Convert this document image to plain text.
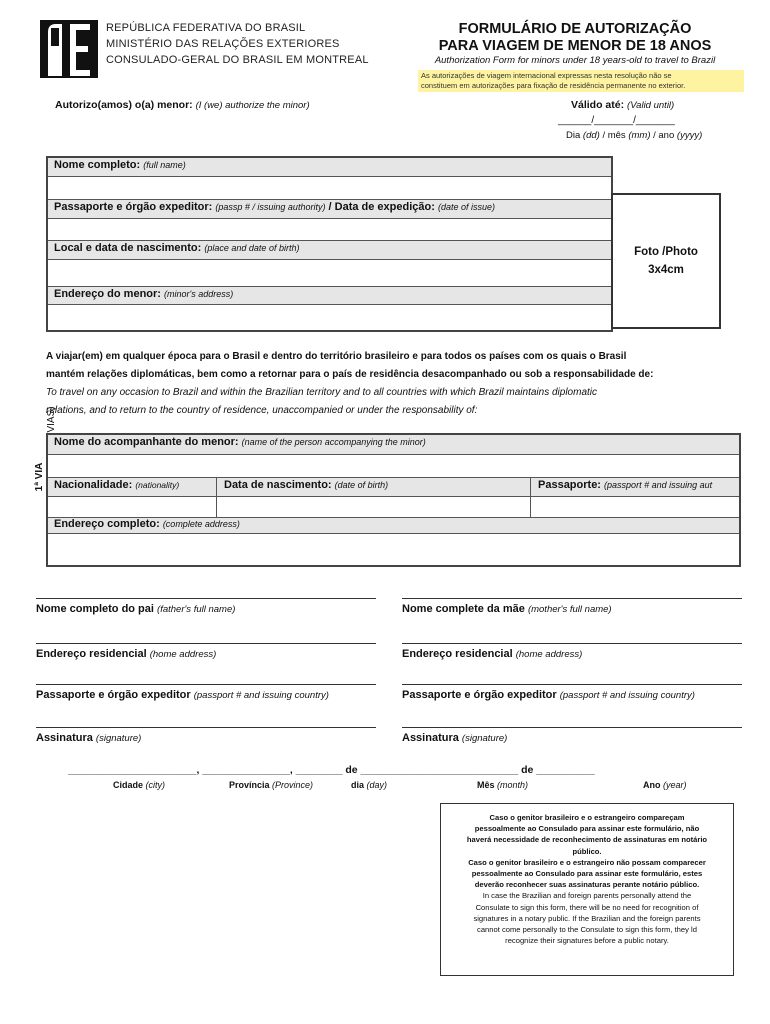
REPÚBLICA FEDERATIVA DO BRASIL
MINISTÉRIO DAS RELAÇÕES EXTERIORES
CONSULADO-GERAL DO BRASIL EM MONTREAL
FORMULÁRIO DE AUTORIZAÇÃO
PARA VIAGEM DE MENOR DE 18 ANOS
Authorization Form for minors under 18 years-old to travel to Brazil
As autorizações de viagem internacional expressas nesta resolução não se
constituem em autorizações para fixação de residência permanente no exterior.
Autorizo(amos) o(a) menor: (I (we) authorize the minor)	Válido até: (Valid until)
______/_______/_______
Dia (dd) / mês (mm) / ano (yyyy)
Nome completo: (full name)
Passaporte e órgão expeditor: (passp # / issuing authority) / Data de expedição: (date of issue)
Local e data de nascimento: (place and date of birth)
Endereço do menor: (minor's address)
Foto /Photo
3x4cm
A viajar(em) em qualquer época para o Brasil e dentro do território brasileiro e para todos os países com os quais o Brasil
mantém relações diplomáticas, bem como a retornar para o país de residência desacompanhado ou sob a responsabilidade de:
To travel on any occasion to Brazil and within the Brazilian territory and to all countries with which Brazil maintains diplomatic
relations, and to return to the country of residence, unaccompanied or under the responsability of:
1ª VIA
VIAS)
Nome do acompanhante do menor: (name of the person accompanying the minor)
Nacionalidade: (nationality)	Data de nascimento: (date of birth)	Passaporte: (passport # and issuing aut
Endereço completo: (complete address)
Nome completo do pai (father's full name)
Endereço residencial (home address)
Passaporte e órgão expeditor (passport # and issuing country)
Assinatura (signature)
Nome complete da mãe (mother's full name)
Endereço residencial (home address)
Passaporte e órgão expeditor (passport # and issuing country)
Assinatura (signature)
______________________, _______________, ________ de ___________________________ de __________
Cidade (city)	Província (Province)	dia (day)	Mês (month)	Ano (year)
Caso o genitor brasileiro e o estrangeiro compareçam
pessoalmente ao Consulado para assinar este formulário, não
haverá necessidade de reconhecimento de assinaturas em notário
público.
Caso o genitor brasileiro e o estrangeiro não possam comparecer
pessoalmente ao Consulado para assinar este formulário, estes
deverão reconhecer suas assinaturas perante notário público.
In case the Brazilian and foreign parents personally attend the
Consulate to sign this form, there will be no need for recognition of
signatures in a notary public. If the Brazilian and the foreign parents
cannot come personally to the Consulate to sign this form, they ld
recognize their signatures before a public notary.
